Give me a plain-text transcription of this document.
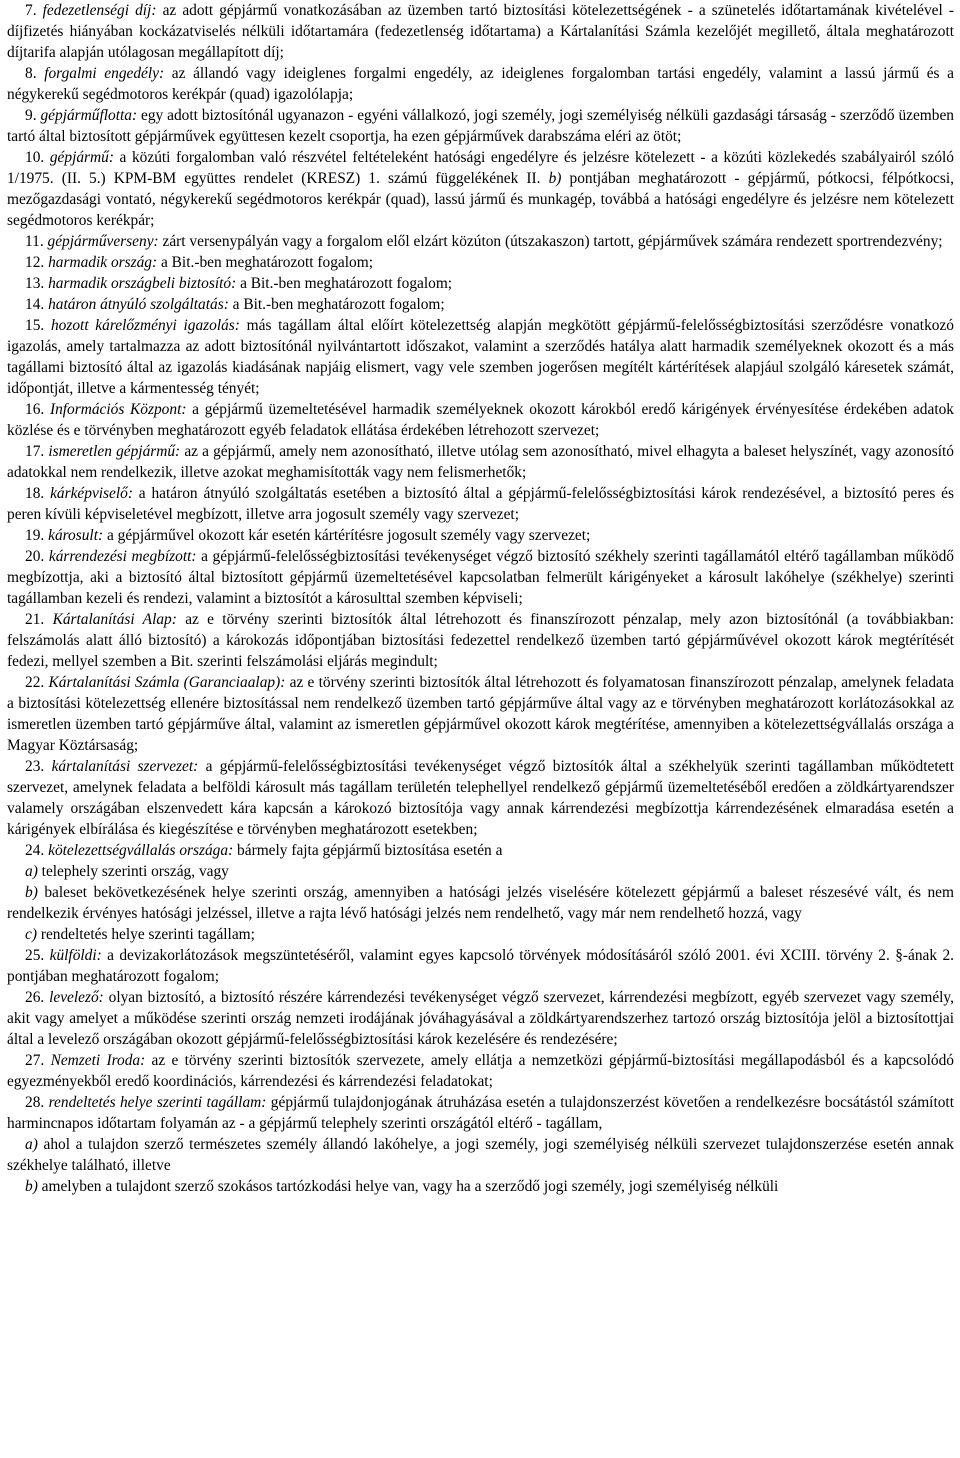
7. fedezetlenségi díj: az adott gépjármű vonatkozásában az üzemben tartó biztosítási kötelezettségének - a szünetelés időtartamának kivételével - díjfizetés hiányában kockázatviselés nélküli időtartamára (fedezetlenség időtartama) a Kártalanítási Számla kezelőjét megillető, általa meghatározott díjtarifa alapján utólagosan megállapított díj;

8. forgalmi engedély: az állandó vagy ideiglenes forgalmi engedély, az ideiglenes forgalomban tartási engedély, valamint a lassú jármű és a négykerekű segédmotoros kerékpár (quad) igazolólapja;

9. gépjárműflotta: egy adott biztosítónál ugyanazon - egyéni vállalkozó, jogi személy, jogi személyiség nélküli gazdasági társaság - szerződő üzemben tartó által biztosított gépjárművek együttesen kezelt csoportja, ha ezen gépjárművek darabszáma eléri az ötöt;

10. gépjármű: a közúti forgalomban való részvétel feltételeként hatósági engedélyre és jelzésre kötelezett - a közúti közlekedés szabályairól szóló 1/1975. (II. 5.) KPM-BM együttes rendelet (KRESZ) 1. számú függelékének II. b) pontjában meghatározott - gépjármű, pótkocsi, félpótkocsi, mezőgazdasági vontató, négykerekű segédmotoros kerékpár (quad), lassú jármű és munkagép, továbbá a hatósági engedélyre és jelzésre nem kötelezett segédmotoros kerékpár;

11. gépjárműverseny: zárt versenypályán vagy a forgalom elől elzárt közúton (útszakaszon) tartott, gépjárművek számára rendezett sportrendezvény;

12. harmadik ország: a Bit.-ben meghatározott fogalom;

13. harmadik országbeli biztosító: a Bit.-ben meghatározott fogalom;

14. határon átnyúló szolgáltatás: a Bit.-ben meghatározott fogalom;

15. hozott kárelőzményi igazolás: más tagállam által előírt kötelezettség alapján megkötött gépjármű-felelősségbiztosítási szerződésre vonatkozó igazolás, amely tartalmazza az adott biztosítónál nyilvántartott időszakot, valamint a szerződés hatálya alatt harmadik személyeknek okozott és a más tagállami biztosító által az igazolás kiadásának napjáig elismert, vagy vele szemben jogerősen megítélt kártérítések alapjául szolgáló káresetek számát, időpontját, illetve a kármentesség tényét;

16. Információs Központ: a gépjármű üzemeltetésével harmadik személyeknek okozott károkból eredő kárigények érvényesítése érdekében adatok közlése és e törvényben meghatározott egyéb feladatok ellátása érdekében létrehozott szervezet;

17. ismeretlen gépjármű: az a gépjármű, amely nem azonosítható, illetve utólag sem azonosítható, mivel elhagyta a baleset helyszínét, vagy azonosító adatokkal nem rendelkezik, illetve azokat meghamisították vagy nem felismerhetők;

18. kárképviselő: a határon átnyúló szolgáltatás esetében a biztosító által a gépjármű-felelősségbiztosítási károk rendezésével, a biztosító peres és peren kívüli képviseletével megbízott, illetve arra jogosult személy vagy szervezet;

19. károsult: a gépjárművel okozott kár esetén kártérítésre jogosult személy vagy szervezet;

20. kárrendezési megbízott: a gépjármű-felelősségbiztosítási tevékenységet végző biztosító székhely szerinti tagállamától eltérő tagállamban működő megbízottja, aki a biztosító által biztosított gépjármű üzemeltetésével kapcsolatban felmerült kárigényeket a károsult lakóhelye (székhelye) szerinti tagállamban kezeli és rendezi, valamint a biztosítót a károsulttal szemben képviseli;

21. Kártalanítási Alap: az e törvény szerinti biztosítók által létrehozott és finanszírozott pénzalap, mely azon biztosítónál (a továbbiakban: felszámolás alatt álló biztosító) a károkozás időpontjában biztosítási fedezettel rendelkező üzemben tartó gépjárművével okozott károk megtérítését fedezi, mellyel szemben a Bit. szerinti felszámolási eljárás megindult;

22. Kártalanítási Számla (Garanciaalap): az e törvény szerinti biztosítók által létrehozott és folyamatosan finanszírozott pénzalap, amelynek feladata a biztosítási kötelezettség ellenére biztosítással nem rendelkező üzemben tartó gépjárműve által vagy az e törvényben meghatározott korlátozásokkal az ismeretlen üzemben tartó gépjárműve által, valamint az ismeretlen gépjárművel okozott károk megtérítése, amennyiben a kötelezettségvállalás országa a Magyar Köztársaság;

23. kártalanítási szervezet: a gépjármű-felelősségbiztosítási tevékenységet végző biztosítók által a székhelyük szerinti tagállamban működtetett szervezet, amelynek feladata a belföldi károsult más tagállam területén telephellyel rendelkező gépjármű üzemeltetéséből eredően a zöldkártyarendszer valamely országában elszenvedett kára kapcsán a károkozó biztosítója vagy annak kárrendezési megbízottja kárrendezésének elmaradása esetén a kárigények elbírálása és kiegészítése e törvényben meghatározott esetekben;

24. kötelezettségvállalás országa: bármely fajta gépjármű biztosítása esetén a

a) telephely szerinti ország, vagy

b) baleset bekövetkezésének helye szerinti ország, amennyiben a hatósági jelzés viselésére kötelezett gépjármű a baleset részesévé vált, és nem rendelkezik érvényes hatósági jelzéssel, illetve a rajta lévő hatósági jelzés nem rendelhető, vagy már nem rendelhető hozzá, vagy

c) rendeltetés helye szerinti tagállam;

25. külföldi: a devizakorlátozások megszüntetéséről, valamint egyes kapcsoló törvények módosításáról szóló 2001. évi XCIII. törvény 2. §-ának 2. pontjában meghatározott fogalom;

26. levelező: olyan biztosító, a biztosító részére kárrendezési tevékenységet végző szervezet, kárrendezési megbízott, egyéb szervezet vagy személy, akit vagy amelyet a működése szerinti ország nemzeti irodájának jóváhagyásával a zöldkártyarendszerhez tartozó ország biztosítója jelöl a biztosítottjai által a levelező országában okozott gépjármű-felelősségbiztosítási károk kezelésére és rendezésére;

27. Nemzeti Iroda: az e törvény szerinti biztosítók szervezete, amely ellátja a nemzetközi gépjármű-biztosítási megállapodásból és a kapcsolódó egyezményekből eredő koordinációs, kárrendezési és kárrendezési feladatokat;

28. rendeltetés helye szerinti tagállam: gépjármű tulajdonjogának átruházása esetén a tulajdonszerzést követően a rendelkezésre bocsátástól számított harmincnapos időtartam folyamán az - a gépjármű telephely szerinti országától eltérő - tagállam,

a) ahol a tulajdon szerző természetes személy állandó lakóhelye, a jogi személy, jogi személyiség nélküli szervezet tulajdonszerzése esetén annak székhelye található, illetve

b) amelyben a tulajdont szerző szokásos tartózkodási helye van, vagy ha a szerződő jogi személy, jogi személyiség nélküli
